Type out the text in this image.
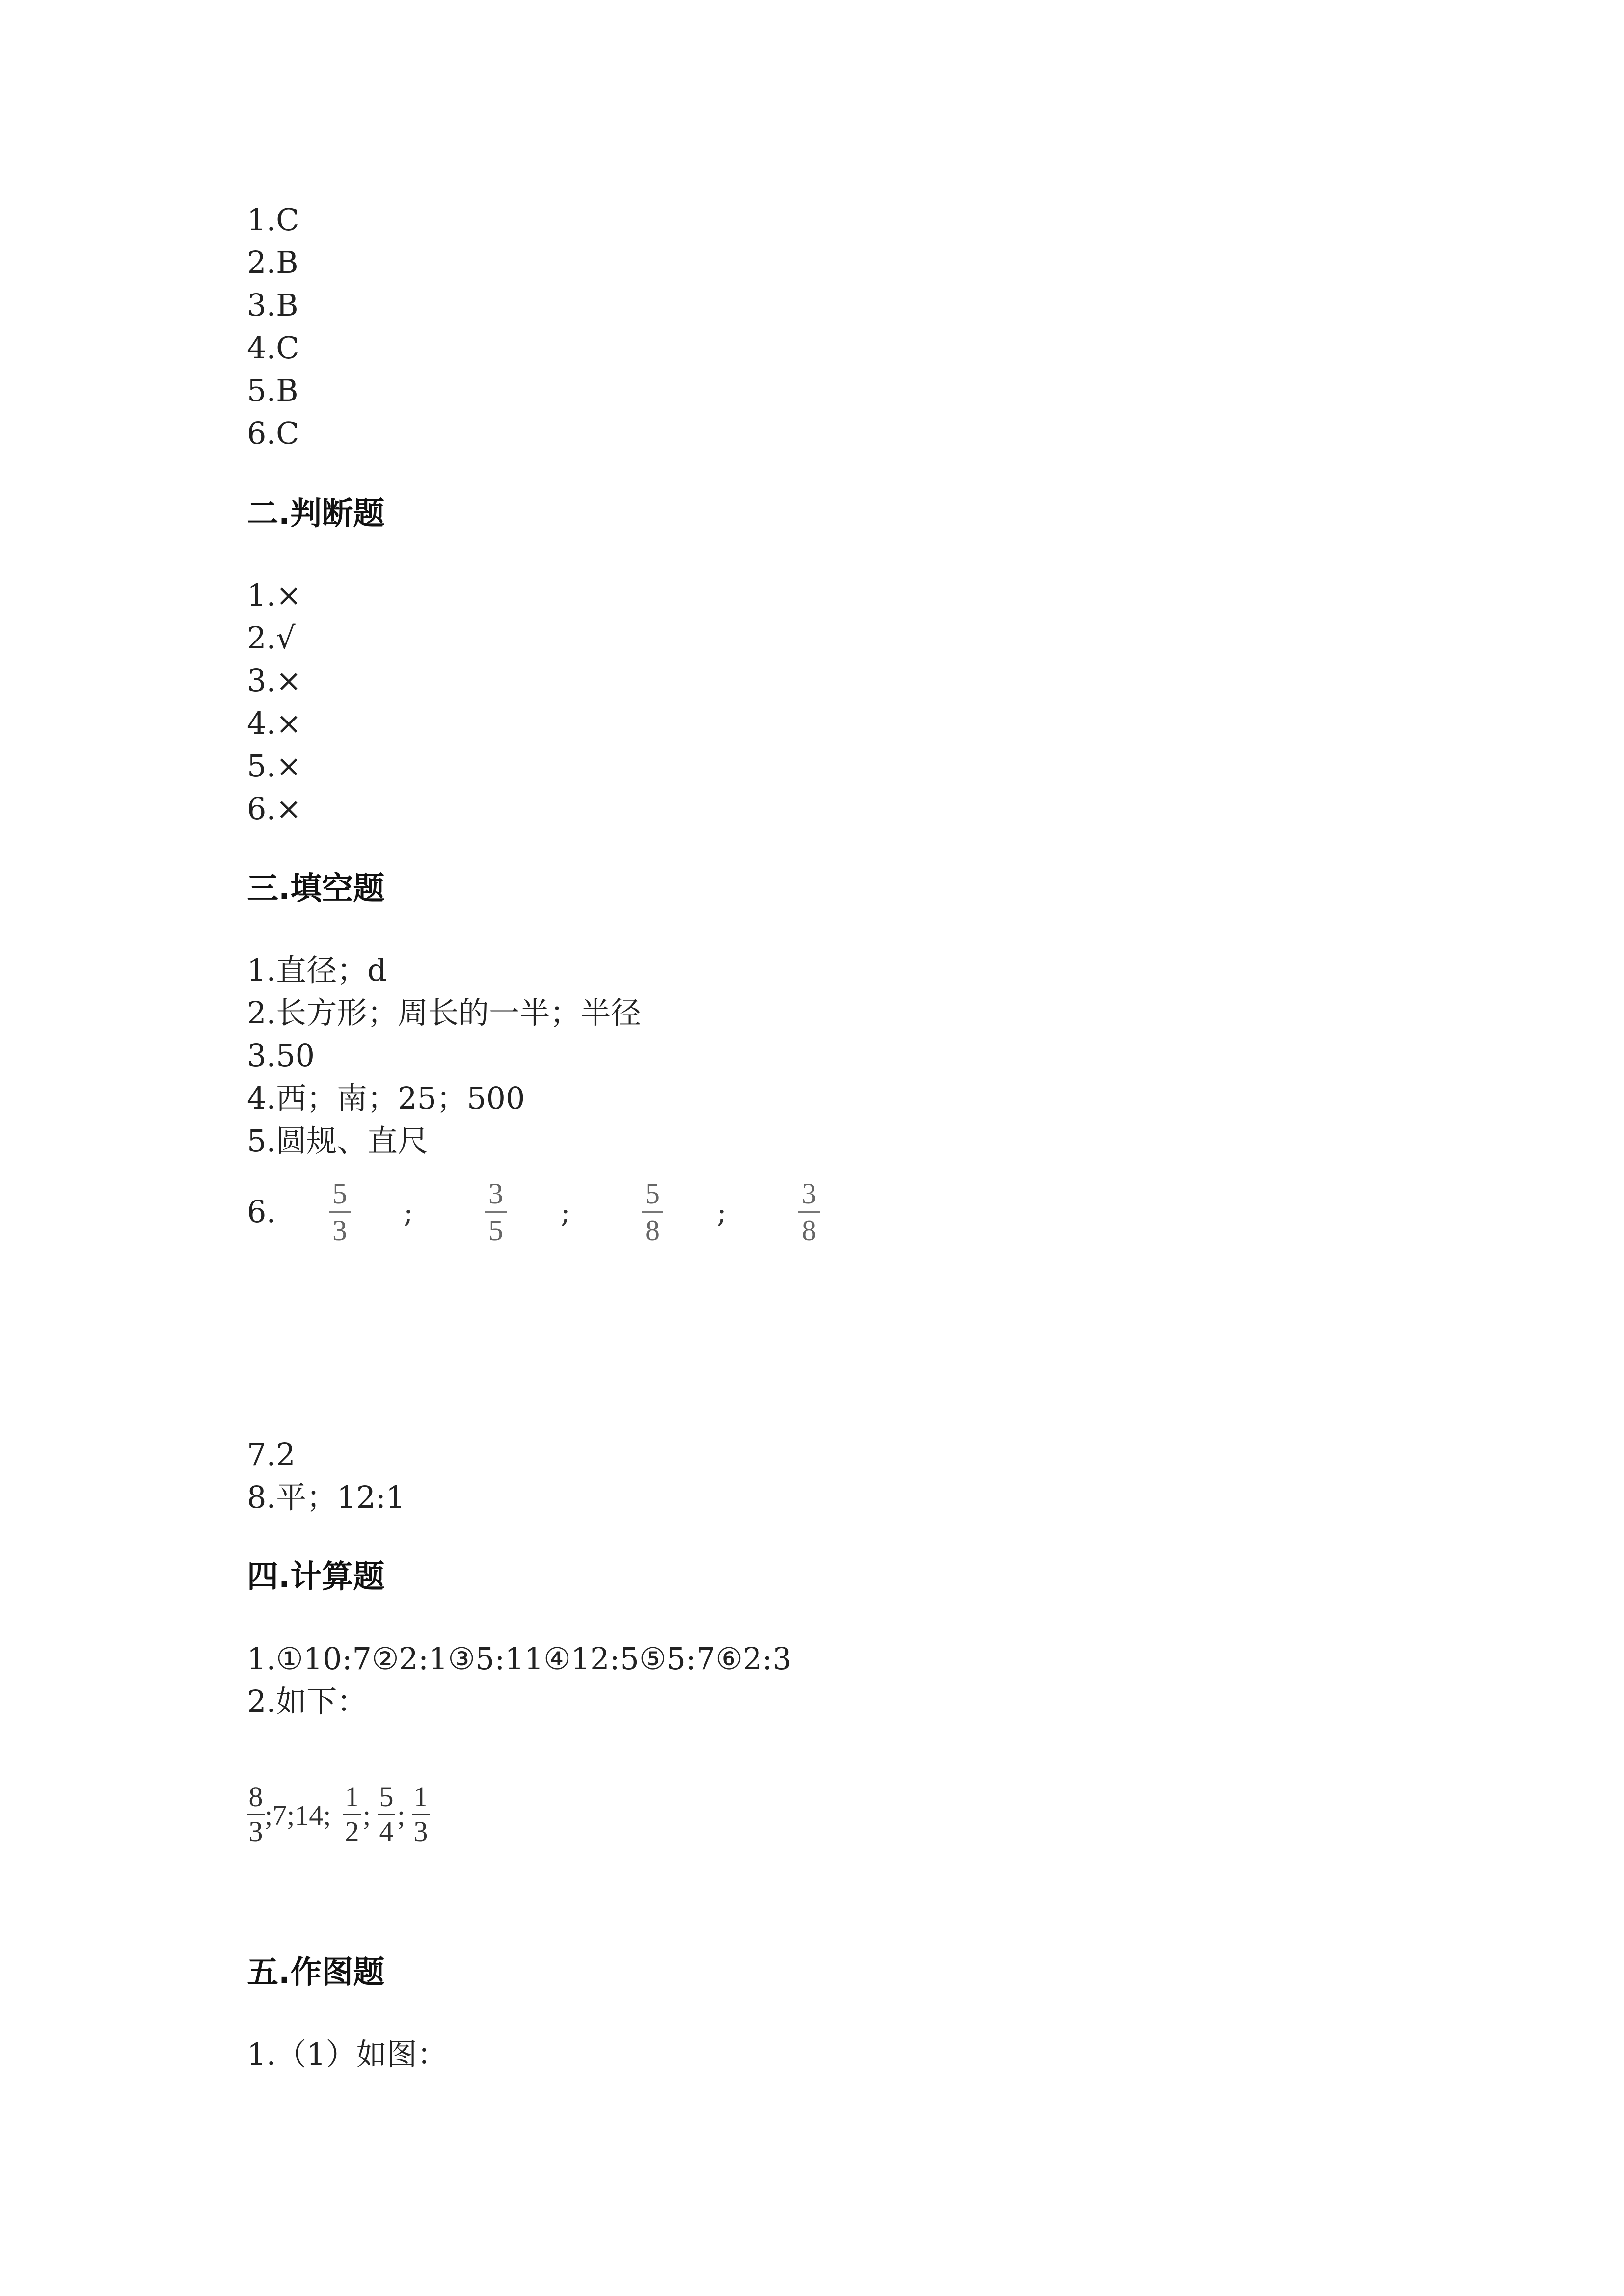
1.C
2.B
3.B
4.C
5.B
6.C
二.判断题
1.×
2.√
3.×
4.×
5.×
6.×
三.填空题
1.直径；d
2.长方形；周长的一半；半径
3.50
4.西；南；25；500
5.圆规、直尺
6. 5
3
;
3
5
;
5
8
;
3
8
7.2
8.平；12:1
四.计算题
1.①10:7②2:1③5:11④12:5⑤5:7⑥2:3
2.如下：
8
3
;7;14;
1
2
;
5
4
;
1
3
五.作图题
1.（1）如图：
